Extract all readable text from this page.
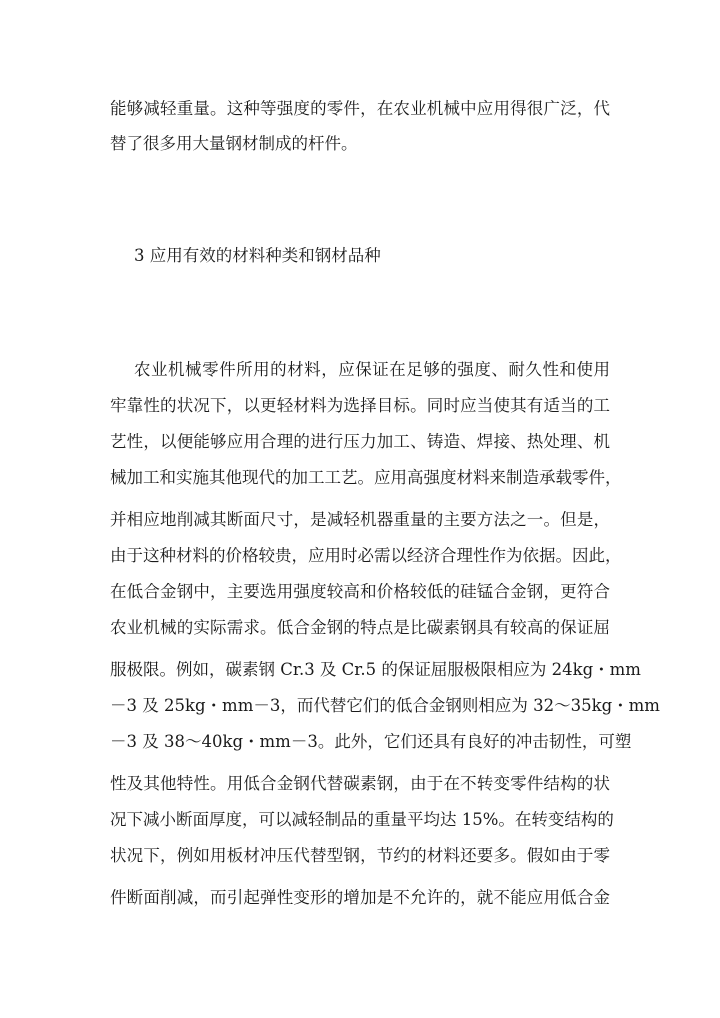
能够减轻重量。这种等强度的零件，在农业机械中应用得很广泛，代
替了很多用大量钢材制成的杆件。
3 应用有效的材料种类和钢材品种
农业机械零件所用的材料，应保证在足够的强度、耐久性和使用
牢靠性的状况下，以更轻材料为选择目标。同时应当使其有适当的工
艺性，以便能够应用合理的进行压力加工、铸造、焊接、热处理、机
械加工和实施其他现代的加工工艺。应用高强度材料来制造承载零件，
并相应地削减其断面尺寸，是减轻机器重量的主要方法之一。但是，
由于这种材料的价格较贵，应用时必需以经济合理性作为依据。因此，
在低合金钢中，主要选用强度较高和价格较低的硅锰合金钢，更符合
农业机械的实际需求。低合金钢的特点是比碳素钢具有较高的保证屈
服极限。例如，碳素钢 Cr.3 及 Cr.5 的保证屈服极限相应为 24kg・mm
－3 及 25kg・mm－3，而代替它们的低合金钢则相应为 32～35kg・mm
－3 及 38～40kg・mm－3。此外，它们还具有良好的冲击韧性，可塑
性及其他特性。用低合金钢代替碳素钢，由于在不转变零件结构的状
况下减小断面厚度，可以减轻制品的重量平均达 15%。在转变结构的
状况下，例如用板材冲压代替型钢，节约的材料还要多。假如由于零
件断面削减，而引起弹性变形的增加是不允许的，就不能应用低合金
